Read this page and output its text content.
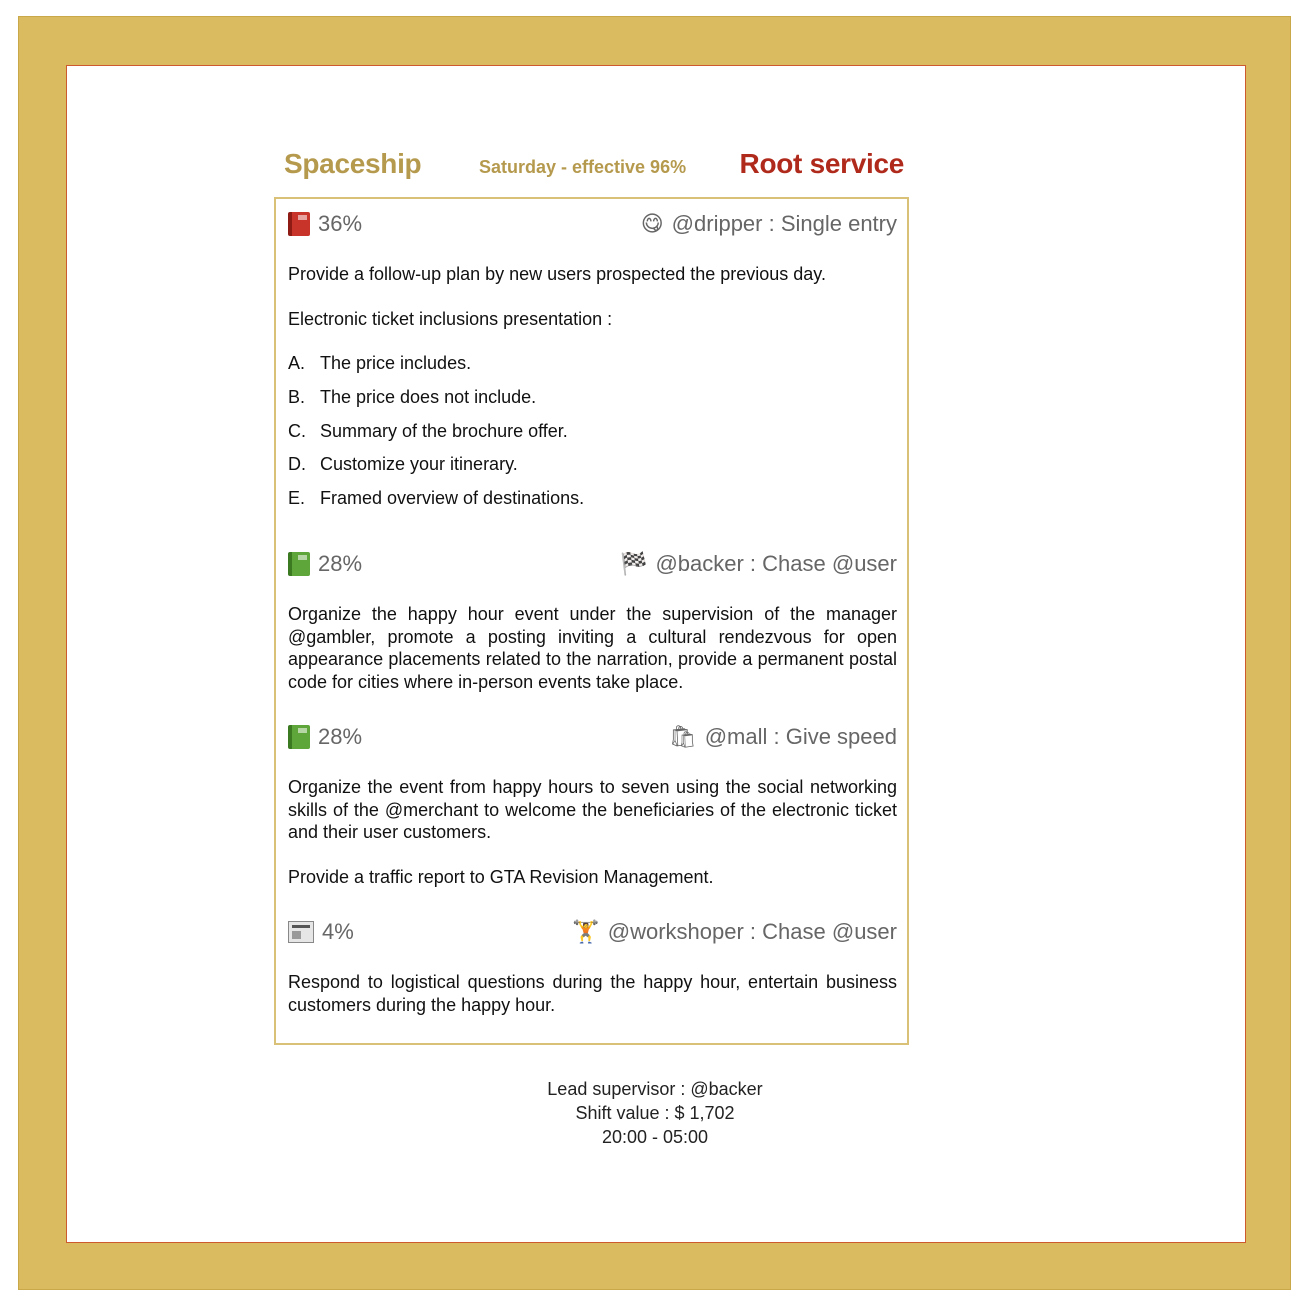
Spaceship	Saturday - effective 96% Root service
36%	😋 @dripper : Single entry

Provide a follow-up plan by new users prospected the previous day.

Electronic ticket inclusions presentation :

A. The price includes.
B. The price does not include.
C. Summary of the brochure offer.
D. Customize your itinerary.
E. Framed overview of destinations.
28%	🏁 @backer : Chase @user

Organize the happy hour event under the supervision of the manager @gambler, promote a posting inviting a cultural rendezvous for open appearance placements related to the narration, provide a permanent postal code for cities where in-person events take place.

28%	🛍 @mall : Give speed

Organize the event from happy hours to seven using the social networking skills of the @merchant to welcome the beneficiaries of the electronic ticket and their user customers.

Provide a traffic report to GTA Revision Management.

4%	🏋 @workshoper : Chase @user

Respond to logistical questions during the happy hour, entertain business customers during the happy hour.

Lead supervisor : @backer
Shift value : $ 1,702
20:00 - 05:00
